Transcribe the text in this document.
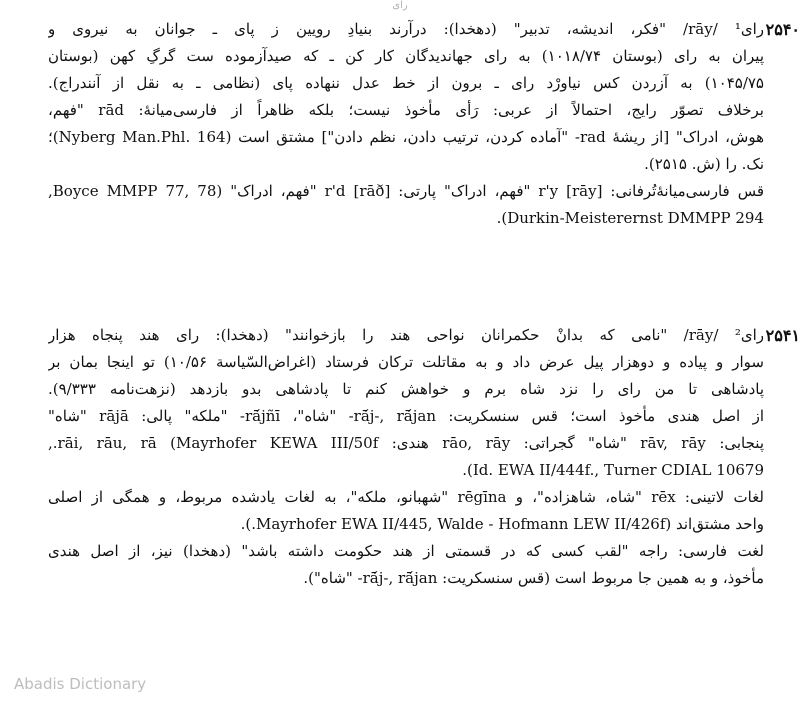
رای
۲۵۴۰
رای¹ /rāy/ "فکر، اندیشه، تدبیر" (دهخدا): درآرند بنیادِ رویین ز پای ـ جوانان به نیروی و
پیران به رای (بوستان ۱۰۱۸/۷۴) به رای جهاندیدگان کار کن ـ که صیدآزموده ست گرگِ کهن (بوستان
۱۰۴۵/۷۵) به آزردن کس نیاورْد رای ـ برون از خط عدل ننهاده پای (نظامی ـ به نقل از آنندراج).
برخلاف تصوّر رایج، احتمالاً از عربی: رَأی مأخوذ نیست؛ بلکه ظاهراً از فارسی‌میانهٔ: rād "فهم،
هوش، ادراک" [از ریشهٔ rad- "آماده کردن، ترتیب دادن، نظم دادن"] مشتق است (Nyberg Man.Phl. 164)؛
نک. را (ش. ۲۵۱۵).
قس فارسی‌میانهٔ‌تُرفانی: r'y [rāy] "فهم، ادراک" پارتی: r'd [rāð] "فهم، ادراک" (Boyce MMPP 77, 78,
Durkin-Meisterernst DMMPP 294).
۲۵۴۱
رای² /rāy/ "نامی که بدانْ حکمرانان نواحی هند را بازخوانند" (دهخدا): رای هند پنجاه هزار
سوار و پیاده و دوهزار پیل عرض داد و به مقاتلت ترکان فرستاد (اغراض‌السّیاسة ۱۰/۵۶) تو اینجا بمان بر
پادشاهی تا من رای را نزد شاه برم و خواهش کنم تا پادشاهی بدو بازدهد (نزهت‌نامه ۹/۳۳۳).
از اصل هندی مأخوذ است؛ قس سنسکریت: rā́j-, rā́jan- "شاه"، rā́jñī- "ملکه" پالی: rājā "شاه"
پنجابی: rāv, rāy "شاه" گجراتی: rāo, rāy هندی: rāi, rāu, rā (Mayrhofer KEWA III/50f.,
Id. EWA II/444f., Turner CDIAL 10679).
لغات لاتینی: rēx "شاه، شاهزاده"، و rēgīna "شهبانو، ملکه"، به لغات یادشده مربوط، و همگی از اصلی
واحد مشتق‌اند (Mayrhofer EWA II/445, Walde - Hofmann LEW II/426f.).
لغت فارسی: راجه "لقب کسی که در قسمتی از هند حکومت داشته باشد" (دهخدا) نیز، از اصل هندی
مأخوذ، و به همین جا مربوط است (قس سنسکریت: rā́j-, rā́jan- "شاه").
Abadis Dictionary
